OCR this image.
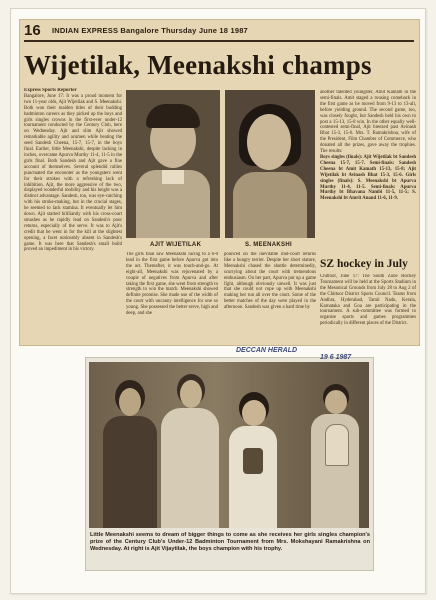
16 INDIAN EXPRESS Bangalore Thursday June 18 1987
Wijetilak, Meenakshi champs
Express Sports Reporter
Bangalore, June 17: It was a proud moment for two 11-year olds, Ajit Wijetilak and S. Meenakshi. Both won their maiden titles of their budding badminton careers as they picked up the boys and girls singles crowns in the first-ever under-12 tournament conducted by the Century Club, here on Wednesday. Ajit and slim Ajit showed remarkable agility and acumen while beating the seed Sandesh Cheena, 15-7, 15-7, in the boys final. Earlier, little Meenakshi, despite lacking in inches, overcame Apurva Murthy 11-4, 11-5 in the girls final. Both Sandesh and Ajit gave a fine account of themselves. Several splendid rallies punctuated the encounter as the youngsters went for their strokes with a refreshing lack of inhibition. Ajit, the more aggressive of the two, displayed wonderful mobility and his height was a distinct advantage. Sandesh, too, was eye-catching with his stroke-making, but in the crucial stages, he seemed to lack stamina. It eventually let him down. Ajit started brilliantly with his cross-court smashes as he rapidly lead on Sandesh's poor returns, especially of the serve. It was to Ajit's credit that he went in for the kill at the slightest opening, a facet noticeably absent in Sandesh's game. It was here that Sandesh's small build proved an impediment in his victory.
AJIT WIJETILAK	S. MEENAKSHI
The girls final saw Meenakshi racing to a 6-0 lead in the first game before Apurva got into the act. Thereafter, it was touch-and-go. At eight-all, Meenakshi was rejuvenated by a couple of negatives from Apurva and after taking the first game, she went from strength to strength to win the match. Meenakshi showed definite promise. She made use of the width of the court with uncanny intelligence for one so young. She possessed the better serve, high and deep, and she
pounced on the inevitable mid-court returns like a hungry terrier. Despite her short stature, Meenakshi chased the shuttle determinedly, scurrying about the court with tremendous enthusiasm. On her part, Apurva put up a game fight, although obviously unwell. It was just that she could not cope up with Meenakshi making her run all over the court. Some of the better matches of the day were played in the afternoon. Sandesh was given a hard time by
another talented youngster, Amit Kamath in the semi-finals. Amit staged a rousing comeback in the first game as he moved from 9-13 to 13-all, before yielding ground. The second game, too, was closely fought, but Sandesh held his own to post a 15-13, 15-8 win. In the other equally well-contested semi-final, Ajit breezed past Avinash Bhat 15-3, 15-6. Mrs. T. Ramakrishna, wife of the President, Film Chamber of Commerce, who donated all the prizes, gave away the trophies. The results:
Boys singles (finals): Ajit Wijetilak bt Sandesh Cheena 15-7, 15-7. Semi-finals: Sandesh Cheena bt Amit Kamath 15-13, 15-8; Ajit Wijetilak bt Avinash Bhat 15-3, 15-6. Girls singles (finals): S. Meenakshi bt Apurva Murthy 11-4, 11-5. Semi-finals: Apurva Murthy bt Bhavana Nambi 11-5, 11-5; S. Meenakshi bt Amrit Anand 11-6, 11-9.
SZ hockey in July
Chittoor, June 17: The South Zone Hockey Tournament will be held at the Sports Stadium in the Mesonical Grounds from July 28 to Aug 2 of the Chittoor District Sports Council. Teams from Andhra, Hyderabad, Tamil Nadu, Kerala, Karnataka and Goa are participating in the tournament. A sub-committee was formed to organise sports and games programmes periodically in different places of the District.
DECCAN HERALD
19 6 1987
Little Meenakshi seems to dream of bigger things to come as she receives her girls singles champion's prize of the Century Club's Under-12 Badminton Tournament from Mrs. Mokshayani Ramakrishna on Wednesday. At right is Ajit Vijaytilak, the boys champion with his trophy.
